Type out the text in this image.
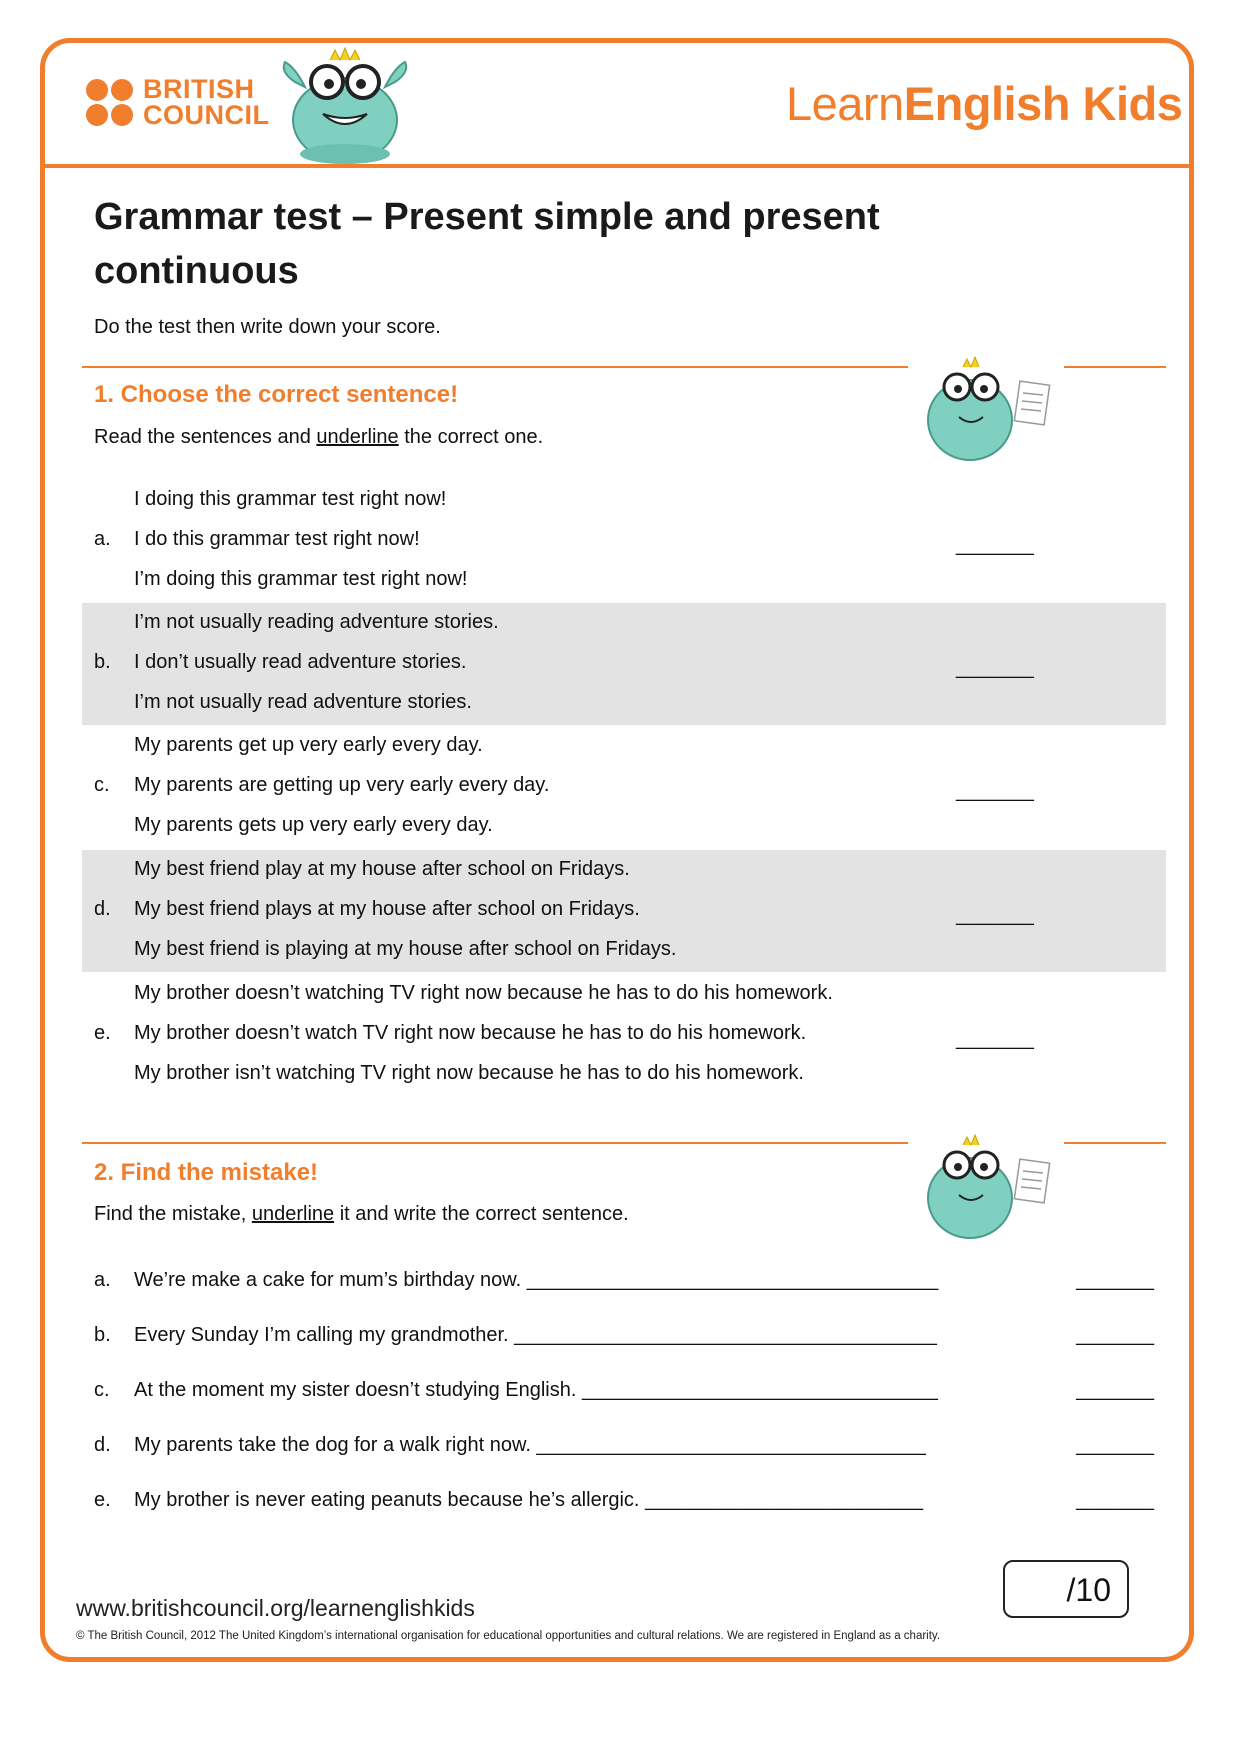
BRITISH
COUNCIL	LearnEnglish Kids
Grammar test – Present simple and present continuous

Do the test then write down your score.

1. Choose the correct sentence!

Read the sentences and underline the correct one.

a.
I doing this grammar test right now!
I do this grammar test right now!
I’m doing this grammar test right now!
_______
b.
I’m not usually reading adventure stories.
I don’t usually read adventure stories.
I’m not usually read adventure stories.
_______
c.
My parents get up very early every day.
My parents are getting up very early every day.
My parents gets up very early every day.
_______
d.
My best friend play at my house after school on Fridays.
My best friend plays at my house after school on Fridays.
My best friend is playing at my house after school on Fridays.
_______
e.
My brother doesn’t watching TV right now because he has to do his homework.
My brother doesn’t watch TV right now because he has to do his homework.
My brother isn’t watching TV right now because he has to do his homework.
_______
2. Find the mistake!

Find the mistake, underline it and write the correct sentence.

a. We’re make a cake for mum’s birthday now. _____________________________________	_______
b. Every Sunday I’m calling my grandmother. ______________________________________	_______
c. At the moment my sister doesn’t studying English. ________________________________	_______
d. My parents take the dog for a walk right now. ___________________________________	_______
e. My brother is never eating peanuts because he’s allergic. _________________________	_______
/10
www.britishcouncil.org/learnenglishkids
© The British Council, 2012 The United Kingdom’s international organisation for educational opportunities and cultural relations. We are registered in England as a charity.
